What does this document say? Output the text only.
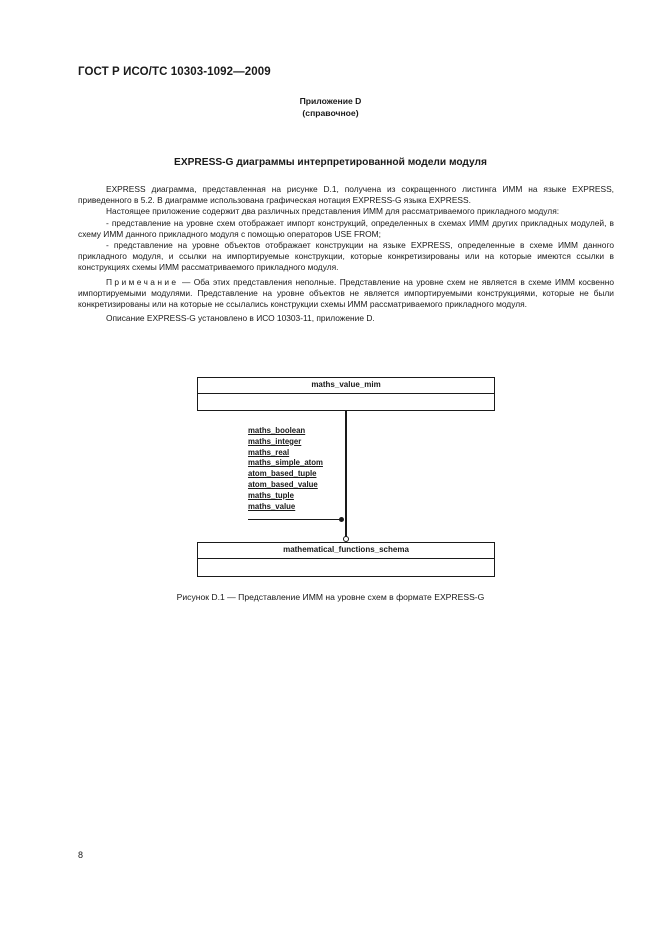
ГОСТ Р ИСО/ТС 10303-1092—2009
Приложение D
(справочное)
EXPRESS-G диаграммы интерпретированной модели модуля

EXPRESS диаграмма, представленная на рисунке D.1, получена из сокращенного листинга ИММ на языке EXPRESS, приведенного в 5.2. В диаграмме использована графическая нотация EXPRESS-G языка EXPRESS.

Настоящее приложение содержит два различных представления ИММ для рассматриваемого прикладного модуля:

- представление на уровне схем отображает импорт конструкций, определенных в схемах ИММ других прикладных модулей, в схему ИММ данного прикладного модуля с помощью операторов USE FROM;

- представление на уровне объектов отображает конструкции на языке EXPRESS, определенные в схеме ИММ данного прикладного модуля, и ссылки на импортируемые конструкции, которые конкретизированы или на которые имеются ссылки в конструкциях схемы ИММ рассматриваемого прикладного модуля.

Примечание — Оба этих представления неполные. Представление на уровне схем не является в схеме ИММ косвенно импортируемыми модулями. Представление на уровне объектов не является импортируемыми конструкциями, которые не были конкретизированы или на которые не ссылались конструкции схемы ИММ рассматриваемого прикладного модуля.

Описание EXPRESS-G установлено в ИСО 10303-11, приложение D.

maths_value_mim
maths_boolean
maths_integer
maths_real
maths_simple_atom
atom_based_tuple
atom_based_value
maths_tuple
maths_value
mathematical_functions_schema
Рисунок D.1 — Представление ИММ на уровне схем в формате EXPRESS-G
8
